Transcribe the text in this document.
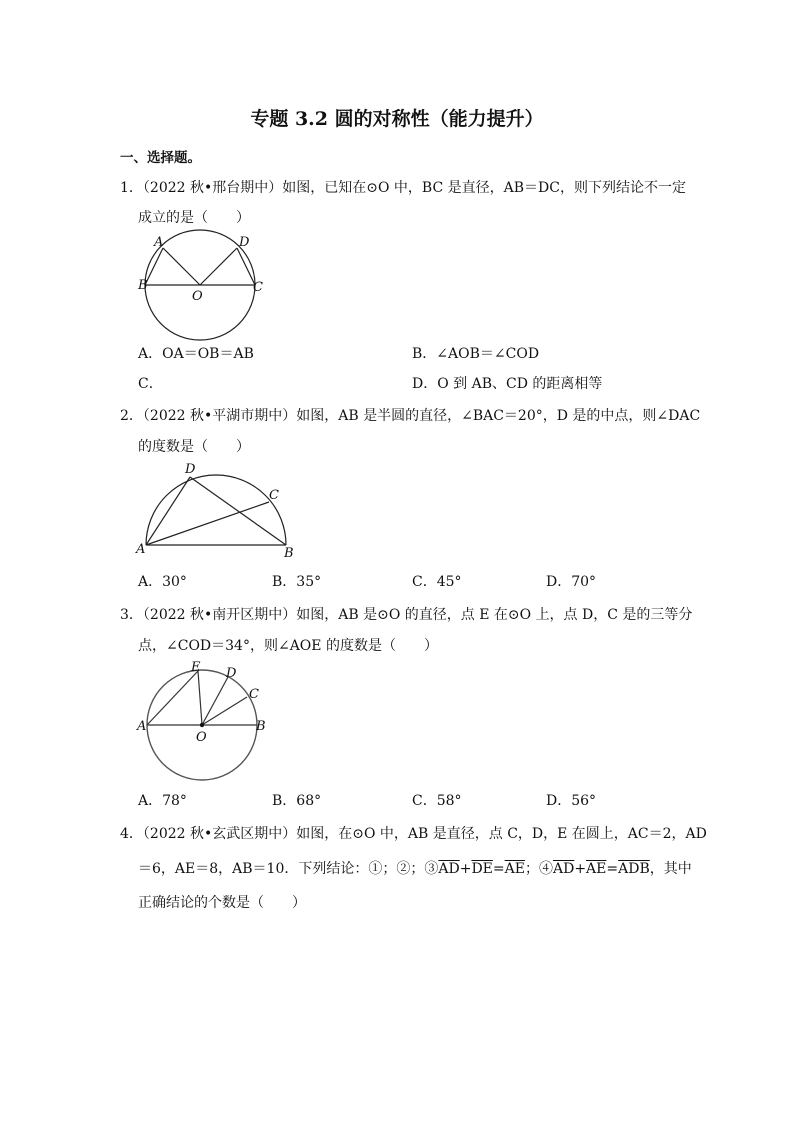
专题 3.2 圆的对称性（能力提升）
一、选择题。
1．（2022 秋•邢台期中）如图，已知在⊙O 中，BC 是直径，AB＝DC，则下列结论不一定
成立的是（　　）
A
B
D
C
O
A．OA＝OB＝AB	B．∠AOB＝∠COD
C．	D．O 到 AB、CD 的距离相等
2．（2022 秋•平湖市期中）如图，AB 是半圆的直径，∠BAC＝20°，D 是的中点，则∠DAC
的度数是（　　）
A	B
C
D
A．30°	B．35°	C．45°	D．70°
3．（2022 秋•南开区期中）如图，AB 是⊙O 的直径，点 E 在⊙O 上，点 D，C 是的三等分
点，∠COD＝34°，则∠AOE 的度数是（　　）
A	B
C
D
E
O
A．78°	B．68°	C．58°	D．56°
4．（2022 秋•玄武区期中）如图，在⊙O 中，AB 是直径，点 C，D，E 在圆上，AC＝2，AD
＝6，AE＝8，AB＝10．下列结论：①；②；$③\overline{AD}+\overline{DE}=\overline{AE}$；$④\overline{AD}+\overline{AE}=\overline{ADB}$，其中
正确结论的个数是（　　）
